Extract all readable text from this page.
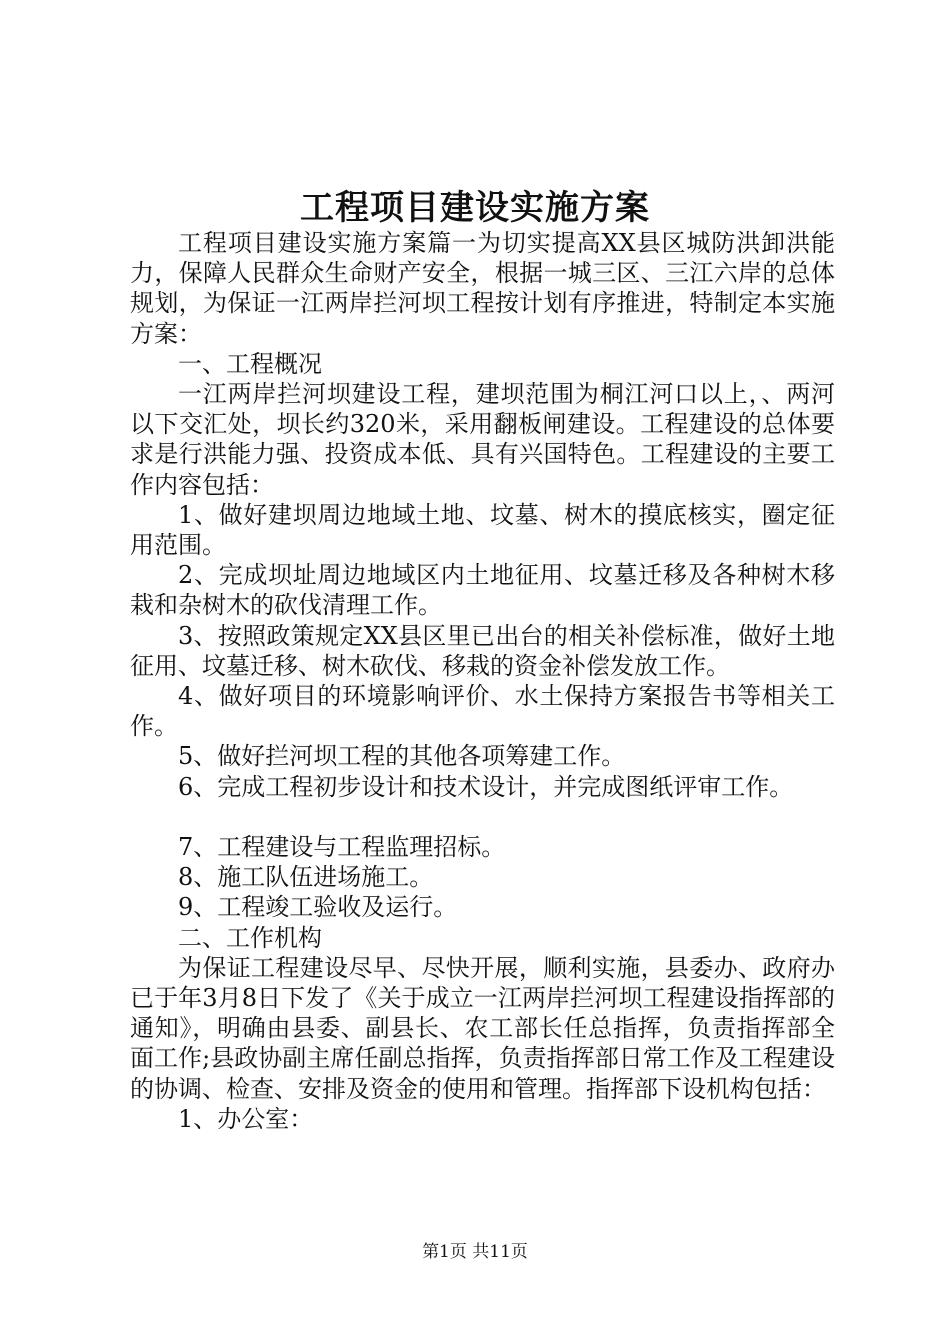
工程项目建设实施方案

工程项目建设实施方案篇一为切实提高XX县区城防洪卸洪能力，保障人民群众生命财产安全，根据一城三区、三江六岸的总体规划，为保证一江两岸拦河坝工程按计划有序推进，特制定本实施方案：

一、工程概况

一江两岸拦河坝建设工程，建坝范围为桐江河口以上，、两河以下交汇处，坝长约320米，采用翻板闸建设。工程建设的总体要求是行洪能力强、投资成本低、具有兴国特色。工程建设的主要工作内容包括：

1、做好建坝周边地域土地、坟墓、树木的摸底核实，圈定征用范围。

2、完成坝址周边地域区内土地征用、坟墓迁移及各种树木移栽和杂树木的砍伐清理工作。

3、按照政策规定XX县区里已出台的相关补偿标准，做好土地征用、坟墓迁移、树木砍伐、移栽的资金补偿发放工作。

4、做好项目的环境影响评价、水土保持方案报告书等相关工作。

5、做好拦河坝工程的其他各项筹建工作。

6、完成工程初步设计和技术设计，并完成图纸评审工作。

7、工程建设与工程监理招标。

8、施工队伍进场施工。

9、工程竣工验收及运行。

二、工作机构

为保证工程建设尽早、尽快开展，顺利实施，县委办、政府办已于年3月8日下发了《关于成立一江两岸拦河坝工程建设指挥部的通知》，明确由县委、副县长、农工部长任总指挥，负责指挥部全面工作;县政协副主席任副总指挥，负责指挥部日常工作及工程建设的协调、检查、安排及资金的使用和管理。指挥部下设机构包括：

1、办公室：

第1页 共11页
